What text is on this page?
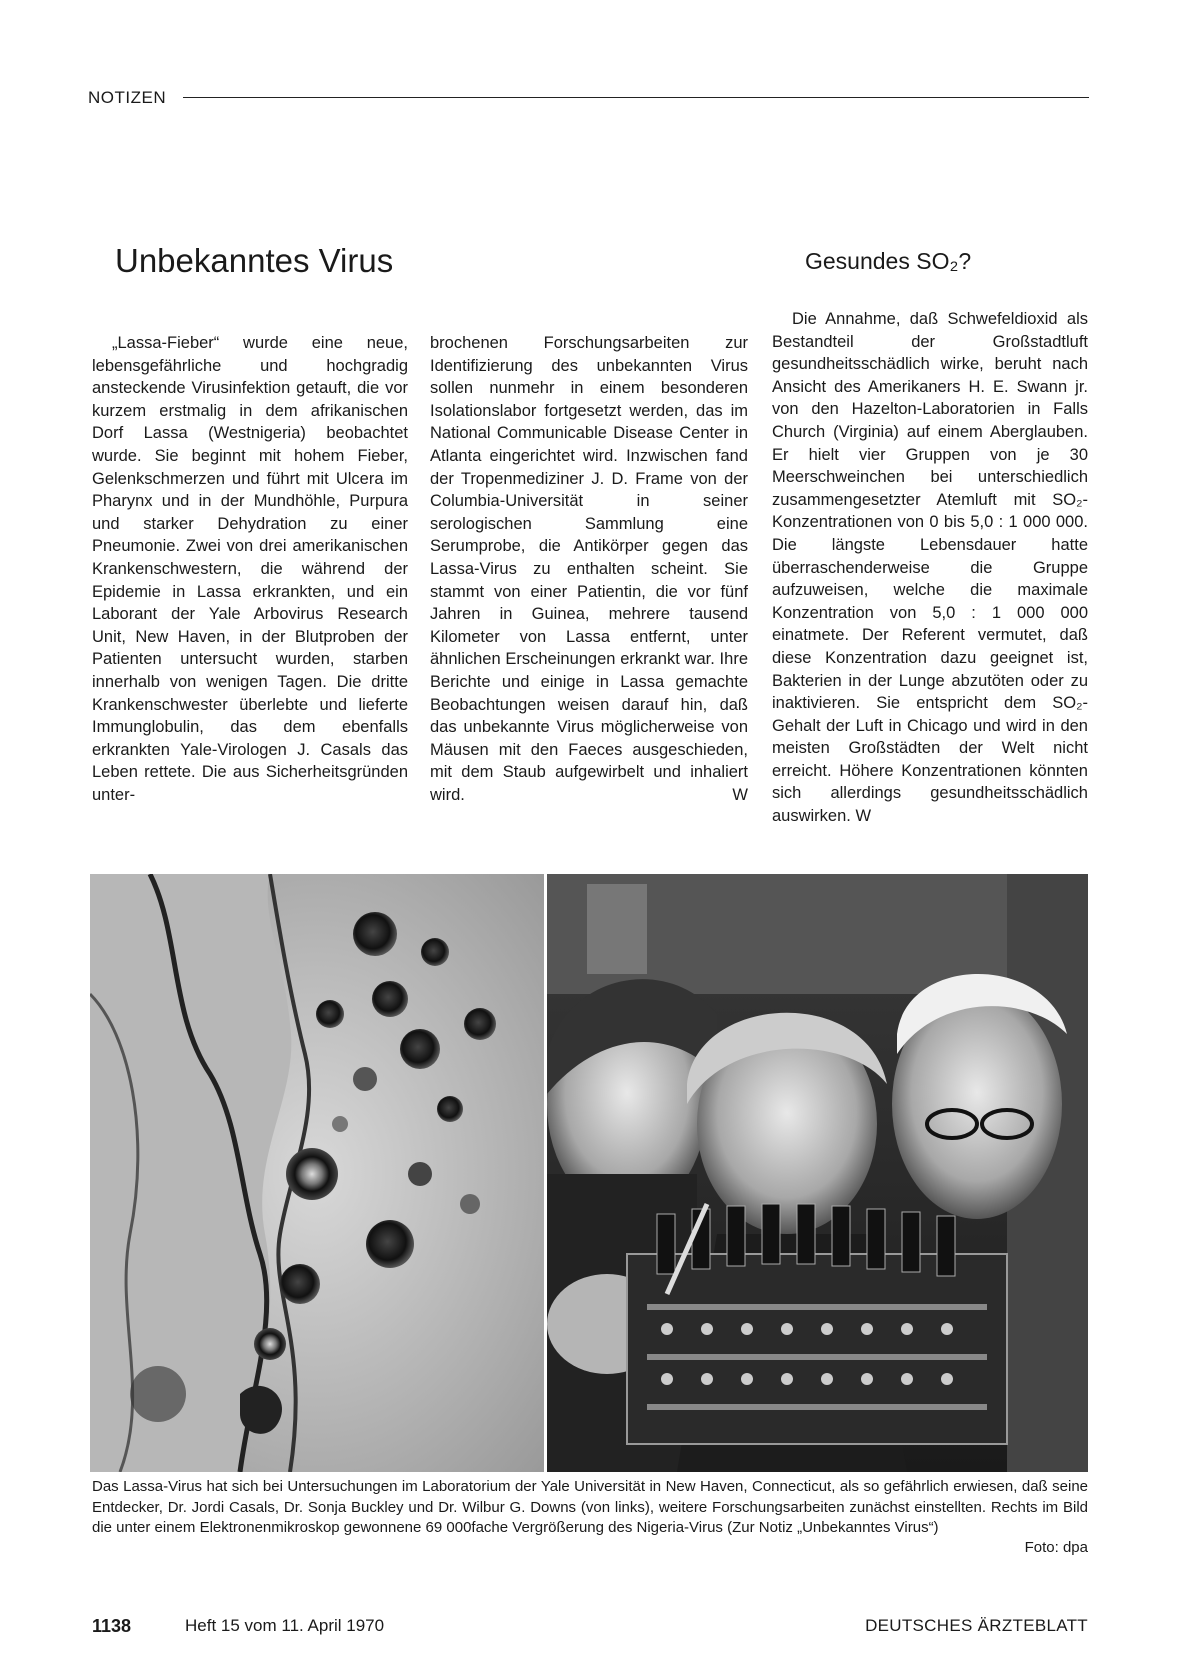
NOTIZEN
Unbekanntes Virus	Gesundes SO₂?

„Lassa-Fieber“ wurde eine neue, lebensgefährliche und hochgradig ansteckende Virusinfektion getauft, die vor kurzem erstmalig in dem afrikanischen Dorf Lassa (Westnigeria) beobachtet wurde. Sie beginnt mit hohem Fieber, Gelenkschmerzen und führt mit Ulcera im Pharynx und in der Mundhöhle, Purpura und starker Dehydration zu einer Pneumonie. Zwei von drei amerikanischen Krankenschwestern, die während der Epidemie in Lassa erkrankten, und ein Laborant der Yale Arbovirus Research Unit, New Haven, in der Blutproben der Patienten untersucht wurden, starben innerhalb von wenigen Tagen. Die dritte Krankenschwester überlebte und lieferte Immunglobulin, das dem ebenfalls erkrankten Yale-Virologen J. Casals das Leben rettete. Die aus Sicherheitsgründen unter-

brochenen Forschungsarbeiten zur Identifizierung des unbekannten Virus sollen nunmehr in einem besonderen Isolationslabor fortgesetzt werden, das im National Communicable Disease Center in Atlanta eingerichtet wird. Inzwischen fand der Tropenmediziner J. D. Frame von der Columbia-Universität in seiner serologischen Sammlung eine Serumprobe, die Antikörper gegen das Lassa-Virus zu enthalten scheint. Sie stammt von einer Patientin, die vor fünf Jahren in Guinea, mehrere tausend Kilometer von Lassa entfernt, unter ähnlichen Erscheinungen erkrankt war. Ihre Berichte und einige in Lassa gemachte Beobachtungen weisen darauf hin, daß das unbekannte Virus möglicherweise von Mäusen mit den Faeces ausgeschieden, mit dem Staub aufgewirbelt und inhaliert wird.	W

Die Annahme, daß Schwefeldioxid als Bestandteil der Großstadtluft gesundheitsschädlich wirke, beruht nach Ansicht des Amerikaners H. E. Swann jr. von den Hazelton-Laboratorien in Falls Church (Virginia) auf einem Aberglauben. Er hielt vier Gruppen von je 30 Meerschweinchen bei unterschiedlich zusammengesetzter Atemluft mit SO₂-Konzentrationen von 0 bis 5,0 : 1 000 000. Die längste Lebensdauer hatte überraschenderweise die Gruppe aufzuweisen, welche die maximale Konzentration von 5,0 : 1 000 000 einatmete. Der Referent vermutet, daß diese Konzentration dazu geeignet ist, Bakterien in der Lunge abzutöten oder zu inaktivieren. Sie entspricht dem SO₂-Gehalt der Luft in Chicago und wird in den meisten Großstädten der Welt nicht erreicht. Höhere Konzentrationen könnten sich allerdings gesundheitsschädlich auswirken. W

Das Lassa-Virus hat sich bei Untersuchungen im Laboratorium der Yale Universität in New Haven, Connecticut, als so gefährlich erwiesen, daß seine Entdecker, Dr. Jordi Casals, Dr. Sonja Buckley und Dr. Wilbur G. Downs (von links), weitere Forschungsarbeiten zunächst einstellten. Rechts im Bild die unter einem Elektronenmikroskop gewonnene 69 000fache Vergrößerung des Nigeria-Virus (Zur Notiz „Unbekanntes Virus“)
Foto: dpa
1138	Heft 15 vom 11. April 1970	DEUTSCHES ÄRZTEBLATT
